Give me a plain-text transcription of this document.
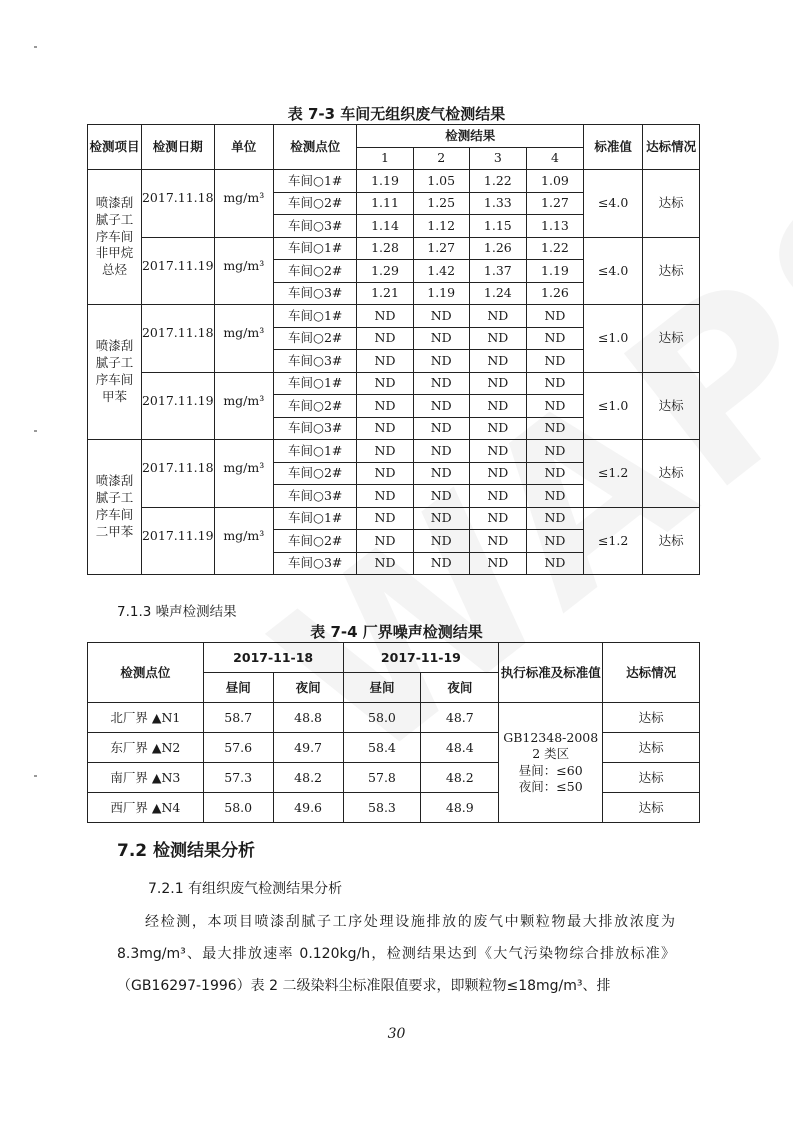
表 7-3 车间无组织废气检测结果
检测项目	检测日期	单位	检测点位	检测结果				标准值	达标情况
				1	2	3	4		
喷漆刮腻子工序车间非甲烷总烃	2017.11.18	mg/m³	车间○1#	1.19	1.05	1.22	1.09	≤4.0	达标
			车间○2#	1.11	1.25	1.33	1.27		
			车间○3#	1.14	1.12	1.15	1.13		
	2017.11.19	mg/m³	车间○1#	1.28	1.27	1.26	1.22	≤4.0	达标
			车间○2#	1.29	1.42	1.37	1.19		
			车间○3#	1.21	1.19	1.24	1.26		
喷漆刮腻子工序车间甲苯	2017.11.18	mg/m³	车间○1#	ND	ND	ND	ND	≤1.0	达标
			车间○2#	ND	ND	ND	ND		
			车间○3#	ND	ND	ND	ND		
	2017.11.19	mg/m³	车间○1#	ND	ND	ND	ND	≤1.0	达标
			车间○2#	ND	ND	ND	ND		
			车间○3#	ND	ND	ND	ND		
喷漆刮腻子工序车间二甲苯	2017.11.18	mg/m³	车间○1#	ND	ND	ND	ND	≤1.2	达标
			车间○2#	ND	ND	ND	ND		
			车间○3#	ND	ND	ND	ND		
	2017.11.19	mg/m³	车间○1#	ND	ND	ND	ND	≤1.2	达标
			车间○2#	ND	ND	ND	ND		
			车间○3#	ND	ND	ND	ND		
7.1.3 噪声检测结果
表 7-4 厂界噪声检测结果
检测点位	2017-11-18		2017-11-19		执行标准及标准值	达标情况
	昼间	夜间	昼间	夜间		
北厂界 ▲N1	58.7	48.8	58.0	48.7	GB12348-2008
2 类区
昼间：≤60
夜间：≤50	达标
东厂界 ▲N2	57.6	49.7	58.4	48.4		达标
南厂界 ▲N3	57.3	48.2	57.8	48.2		达标
西厂界 ▲N4	58.0	49.6	58.3	48.9		达标
7.2 检测结果分析
7.2.1 有组织废气检测结果分析
经检测，本项目喷漆刮腻子工序处理设施排放的废气中颗粒物最大排放浓度为 8.3mg/m³、最大排放速率 0.120kg/h，检测结果达到《大气污染物综合排放标准》（GB16297-1996）表 2 二级染料尘标准限值要求，即颗粒物≤18mg/m³、排
30
